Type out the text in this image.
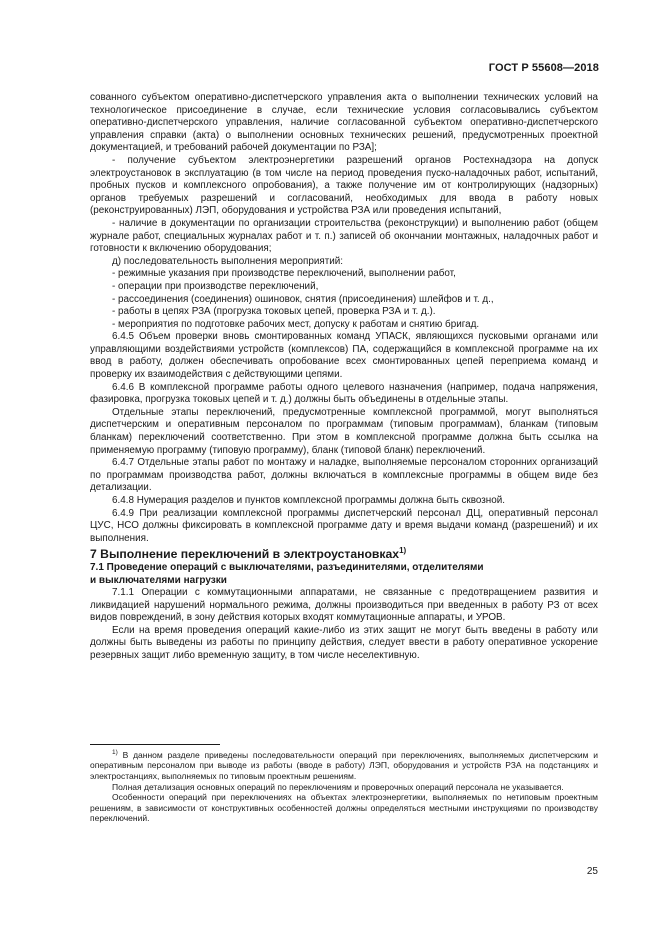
ГОСТ Р 55608—2018

сованного субъектом оперативно-диспетчерского управления акта о выполнении технических условий на технологическое присоединение в случае, если технические условия согласовывались субъектом оперативно-диспетчерского управления, наличие согласованной субъектом оперативно-диспетчерского управления справки (акта) о выполнении основных технических решений, предусмотренных проектной документацией, и требований рабочей документации по РЗА];

- получение субъектом электроэнергетики разрешений органов Ростехнадзора на допуск электроустановок в эксплуатацию (в том числе на период проведения пуско-наладочных работ, испытаний, пробных пусков и комплексного опробования), а также получение им от контролирующих (надзорных) органов требуемых разрешений и согласований, необходимых для ввода в работу новых (реконструированных) ЛЭП, оборудования и устройства РЗА или проведения испытаний,

- наличие в документации по организации строительства (реконструкции) и выполнению работ (общем журнале работ, специальных журналах работ и т. п.) записей об окончании монтажных, наладочных работ и готовности к включению оборудования;

д) последовательность выполнения мероприятий:

- режимные указания при производстве переключений, выполнении работ,

- операции при производстве переключений,

- рассоединения (соединения) ошиновок, снятия (присоединения) шлейфов и т. д.,

- работы в цепях РЗА (прогрузка токовых цепей, проверка РЗА и т. д.).

- мероприятия по подготовке рабочих мест, допуску к работам и снятию бригад.

6.4.5 Объем проверки вновь смонтированных команд УПАСК, являющихся пусковыми органами или управляющими воздействиями устройств (комплексов) ПА, содержащийся в комплексной программе на их ввод в работу, должен обеспечивать опробование всех смонтированных цепей переприема команд и проверку их взаимодействия с действующими цепями.

6.4.6 В комплексной программе работы одного целевого назначения (например, подача напряжения, фазировка, прогрузка токовых цепей и т. д.) должны быть объединены в отдельные этапы.

Отдельные этапы переключений, предусмотренные комплексной программой, могут выполняться диспетчерским и оперативным персоналом по программам (типовым программам), бланкам (типовым бланкам) переключений соответственно. При этом в комплексной программе должна быть ссылка на применяемую программу (типовую программу), бланк (типовой бланк) переключений.

6.4.7 Отдельные этапы работ по монтажу и наладке, выполняемые персоналом сторонних организаций по программам производства работ, должны включаться в комплексные программы в общем виде без детализации.

6.4.8 Нумерация разделов и пунктов комплексной программы должна быть сквозной.

6.4.9 При реализации комплексной программы диспетчерский персонал ДЦ, оперативный персонал ЦУС, НСО должны фиксировать в комплексной программе дату и время выдачи команд (разрешений) и их выполнения.

7 Выполнение переключений в электроустановках$^{1)}$

7.1 Проведение операций с выключателями, разъединителями, отделителями
и выключателями нагрузки

7.1.1 Операции с коммутационными аппаратами, не связанные с предотвращением развития и ликвидацией нарушений нормального режима, должны производиться при введенных в работу РЗ от всех видов повреждений, в зону действия которых входят коммутационные аппараты, и УРОВ.

Если на время проведения операций какие-либо из этих защит не могут быть введены в работу или должны быть выведены из работы по принципу действия, следует ввести в работу оперативное ускорение резервных защит либо временную защиту, в том числе неселективную.

$^{1)}$ В данном разделе приведены последовательности операций при переключениях, выполняемых диспетчерским и оперативным персоналом при выводе из работы (вводе в работу) ЛЭП, оборудования и устройств РЗА на подстанциях и электростанциях, выполняемых по типовым проектным решениям.

Полная детализация основных операций по переключениям и проверочных операций персонала не указывается.

Особенности операций при переключениях на объектах электроэнергетики, выполняемых по нетиповым проектным решениям, в зависимости от конструктивных особенностей должны определяться местными инструкциями по производству переключений.

25
